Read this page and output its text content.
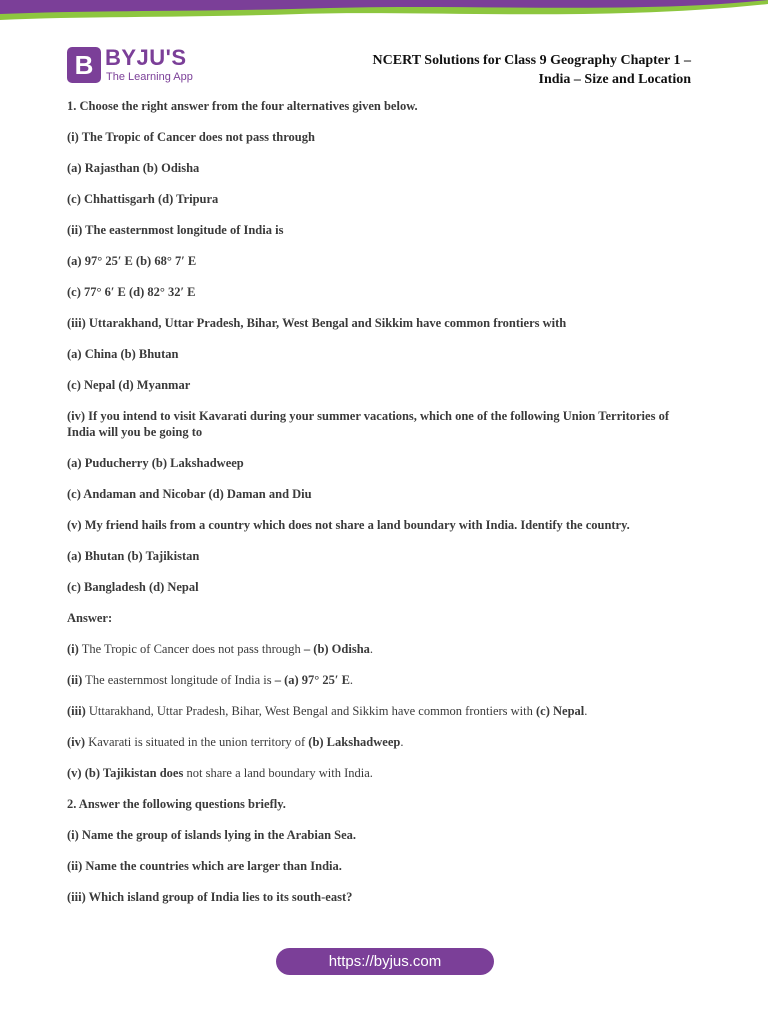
B BYJU'S
The Learning App
NCERT Solutions for Class 9 Geography Chapter 1 –
India – Size and Location

1. Choose the right answer from the four alternatives given below.

(i) The Tropic of Cancer does not pass through

(a) Rajasthan (b) Odisha

(c) Chhattisgarh (d) Tripura

(ii) The easternmost longitude of India is

(a) 97° 25′ E (b) 68° 7′ E

(c) 77° 6′ E (d) 82° 32′ E

(iii) Uttarakhand, Uttar Pradesh, Bihar, West Bengal and Sikkim have common frontiers with

(a) China (b) Bhutan

(c) Nepal (d) Myanmar

(iv) If you intend to visit Kavarati during your summer vacations, which one of the following Union Territories of India will you be going to

(a) Puducherry (b) Lakshadweep

(c) Andaman and Nicobar (d) Daman and Diu

(v) My friend hails from a country which does not share a land boundary with India. Identify the country.

(a) Bhutan (b) Tajikistan

(c) Bangladesh (d) Nepal

Answer:

(i) The Tropic of Cancer does not pass through – (b) Odisha.

(ii) The easternmost longitude of India is – (a) 97° 25′ E.

(iii) Uttarakhand, Uttar Pradesh, Bihar, West Bengal and Sikkim have common frontiers with (c) Nepal.

(iv) Kavarati is situated in the union territory of (b) Lakshadweep.

(v) (b) Tajikistan does not share a land boundary with India.

2. Answer the following questions briefly.

(i) Name the group of islands lying in the Arabian Sea.

(ii) Name the countries which are larger than India.

(iii) Which island group of India lies to its south-east?

https://byjus.com
